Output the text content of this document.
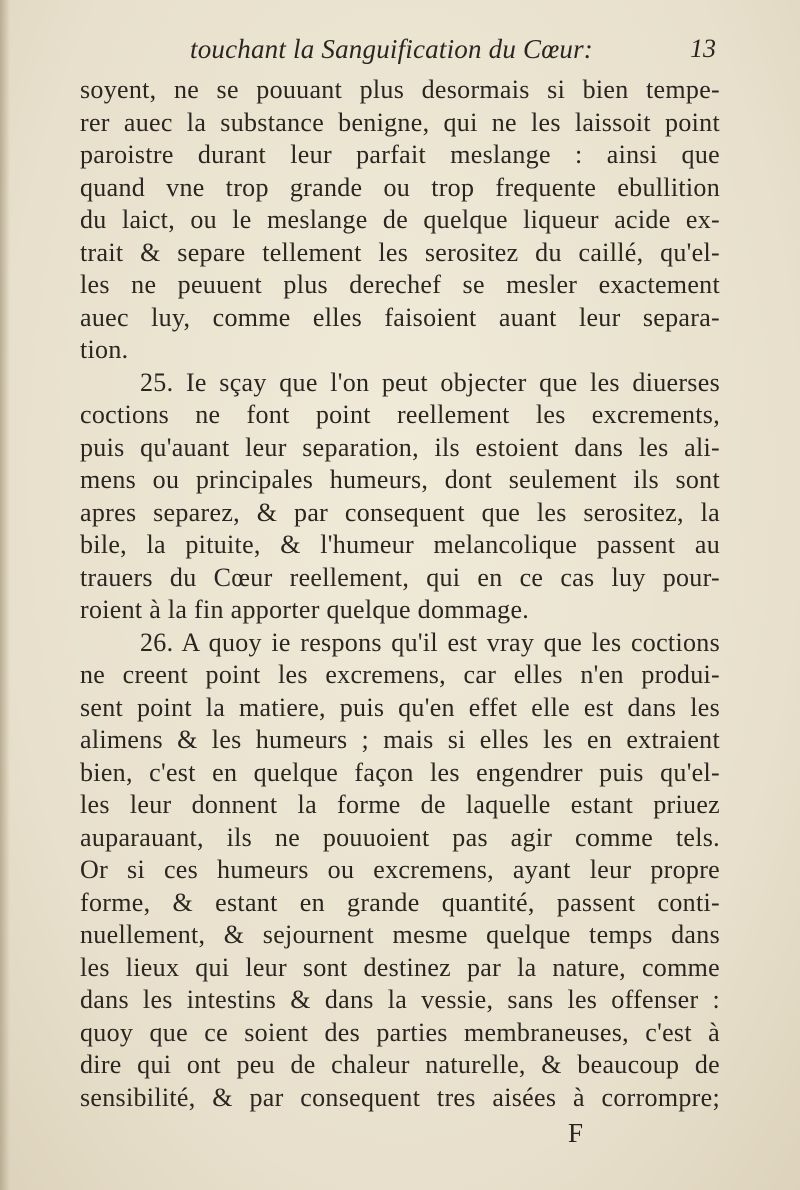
touchant la Sanguification du Cœur:	13
soyent, ne se pouuant plus desormais si bien tempe-
rer auec la substance benigne, qui ne les laissoit point
paroistre durant leur parfait meslange : ainsi que
quand vne trop grande ou trop frequente ebullition
du laict, ou le meslange de quelque liqueur acide ex-
trait & separe tellement les serositez du caillé, qu'el-
les ne peuuent plus derechef se mesler exactement
auec luy, comme elles faisoient auant leur separa-
tion.
25. Ie sçay que l'on peut objecter que les diuerses
coctions ne font point reellement les excrements,
puis qu'auant leur separation, ils estoient dans les ali-
mens ou principales humeurs, dont seulement ils sont
apres separez, & par consequent que les serositez, la
bile, la pituite, & l'humeur melancolique passent au
trauers du Cœur reellement, qui en ce cas luy pour-
roient à la fin apporter quelque dommage.
26. A quoy ie respons qu'il est vray que les coctions
ne creent point les excremens, car elles n'en produi-
sent point la matiere, puis qu'en effet elle est dans les
alimens & les humeurs ; mais si elles les en extraient
bien, c'est en quelque façon les engendrer puis qu'el-
les leur donnent la forme de laquelle estant priuez
auparauant, ils ne pouuoient pas agir comme tels.
Or si ces humeurs ou excremens, ayant leur propre
forme, & estant en grande quantité, passent conti-
nuellement, & sejournent mesme quelque temps dans
les lieux qui leur sont destinez par la nature, comme
dans les intestins & dans la vessie, sans les offenser :
quoy que ce soient des parties membraneuses, c'est à
dire qui ont peu de chaleur naturelle, & beaucoup de
sensibilité, & par consequent tres aisées à corrompre;
F
